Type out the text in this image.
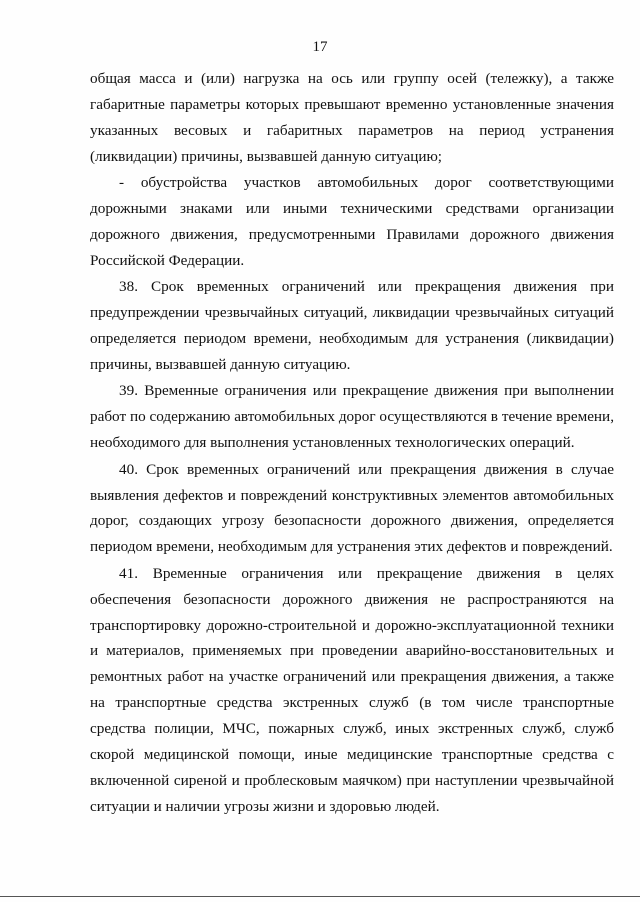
17

общая масса и (или) нагрузка на ось или группу осей (тележку), а также габаритные параметры которых превышают временно установленные значения указанных весовых и габаритных параметров на период устранения (ликвидации) причины, вызвавшей данную ситуацию;

- обустройства участков автомобильных дорог соответствующими дорожными знаками или иными техническими средствами организации дорожного движения, предусмотренными Правилами дорожного движения Российской Федерации.

38. Срок временных ограничений или прекращения движения при предупреждении чрезвычайных ситуаций, ликвидации чрезвычайных ситуаций определяется периодом времени, необходимым для устранения (ликвидации) причины, вызвавшей данную ситуацию.

39. Временные ограничения или прекращение движения при выполнении работ по содержанию автомобильных дорог осуществляются в течение времени, необходимого для выполнения установленных технологических операций.

40. Срок временных ограничений или прекращения движения в случае выявления дефектов и повреждений конструктивных элементов автомобильных дорог, создающих угрозу безопасности дорожного движения, определяется периодом времени, необходимым для устранения этих дефектов и повреждений.

41. Временные ограничения или прекращение движения в целях обеспечения безопасности дорожного движения не распространяются на транспортировку дорожно-строительной и дорожно-эксплуатационной техники и материалов, применяемых при проведении аварийно-восстановительных и ремонтных работ на участке ограничений или прекращения движения, а также на транспортные средства экстренных служб (в том числе транспортные средства полиции, МЧС, пожарных служб, иных экстренных служб, служб скорой медицинской помощи, иные медицинские транспортные средства с включенной сиреной и проблесковым маячком) при наступлении чрезвычайной ситуации и наличии угрозы жизни и здоровью людей.
